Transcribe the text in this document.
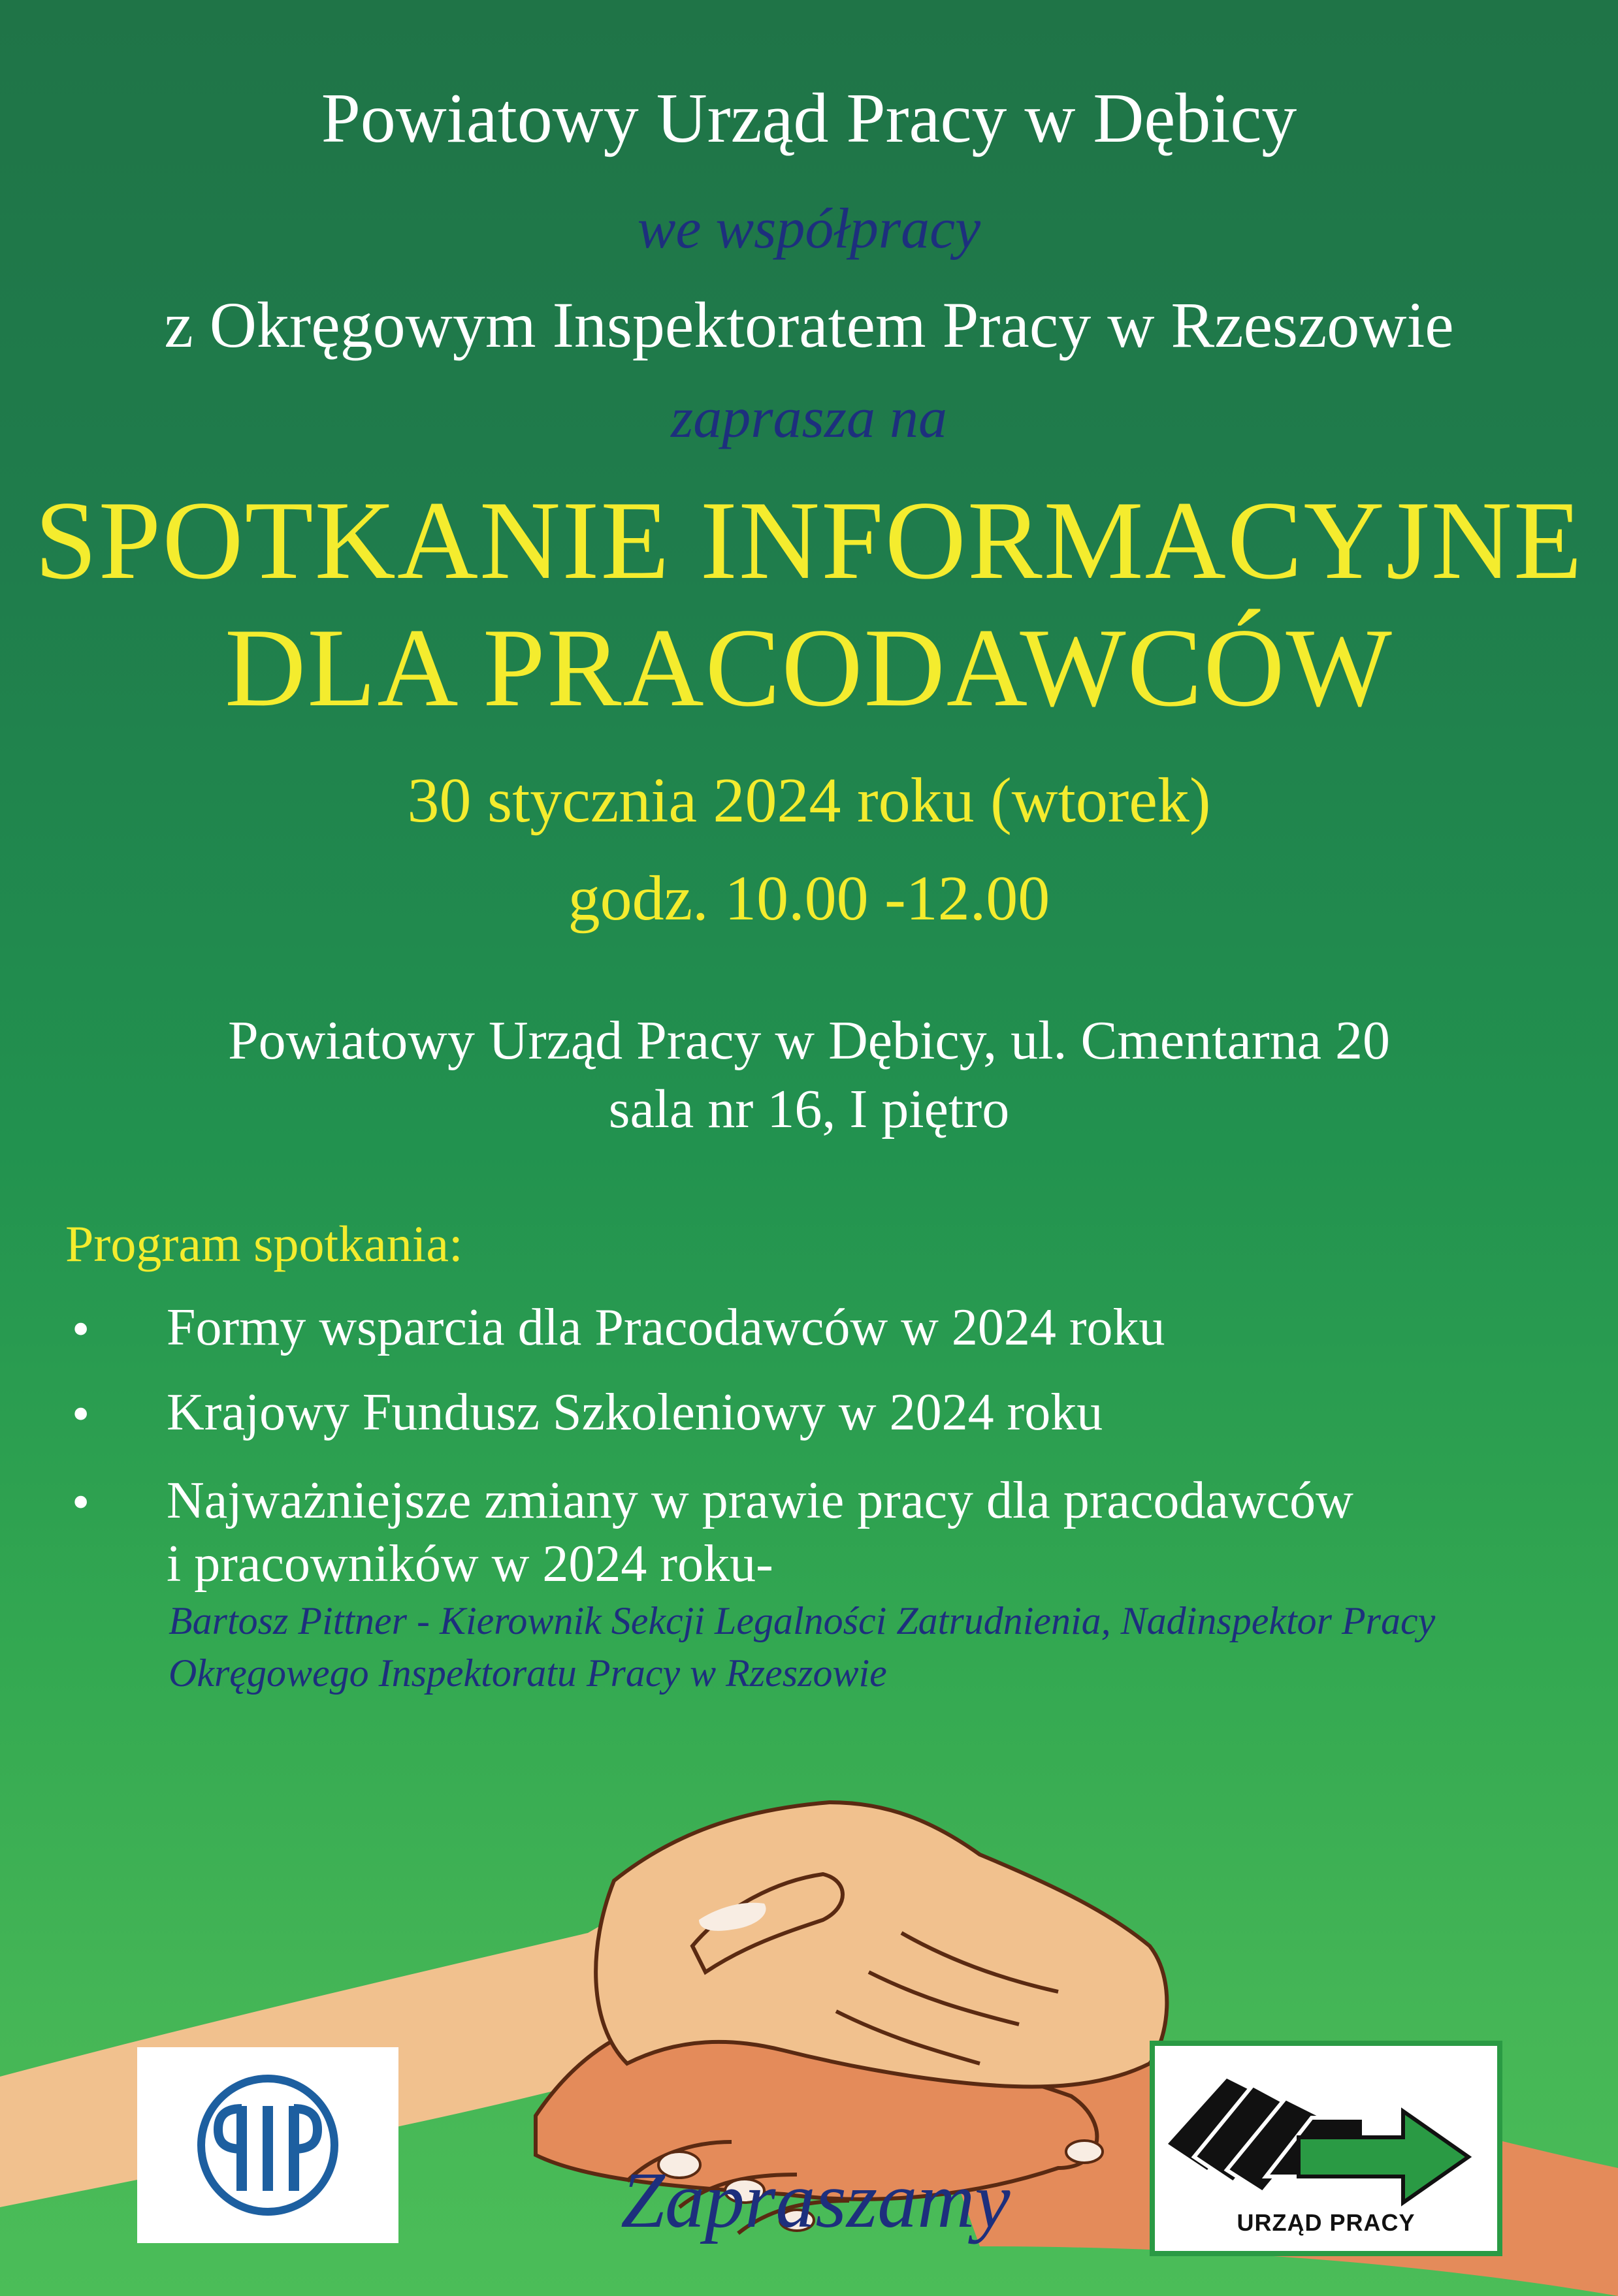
Powiatowy Urząd Pracy w Dębicy
we współpracy
z Okręgowym Inspektoratem Pracy w Rzeszowie
zaprasza na
SPOTKANIE INFORMACYJNE
DLA PRACODAWCÓW
30 stycznia 2024 roku (wtorek)
godz. 10.00 -12.00
Powiatowy Urząd Pracy w Dębicy, ul. Cmentarna 20
sala nr 16, I piętro
Program spotkania:
• Formy wsparcia dla Pracodawców w 2024 roku
• Krajowy Fundusz Szkoleniowy w 2024 roku
• Najważniejsze zmiany w prawie pracy dla pracodawców
i pracowników w 2024 roku-
Bartosz Pittner - Kierownik Sekcji Legalności Zatrudnienia, Nadinspektor Pracy
Okręgowego Inspektoratu Pracy w Rzeszowie
URZĄD PRACY
Zapraszamy
